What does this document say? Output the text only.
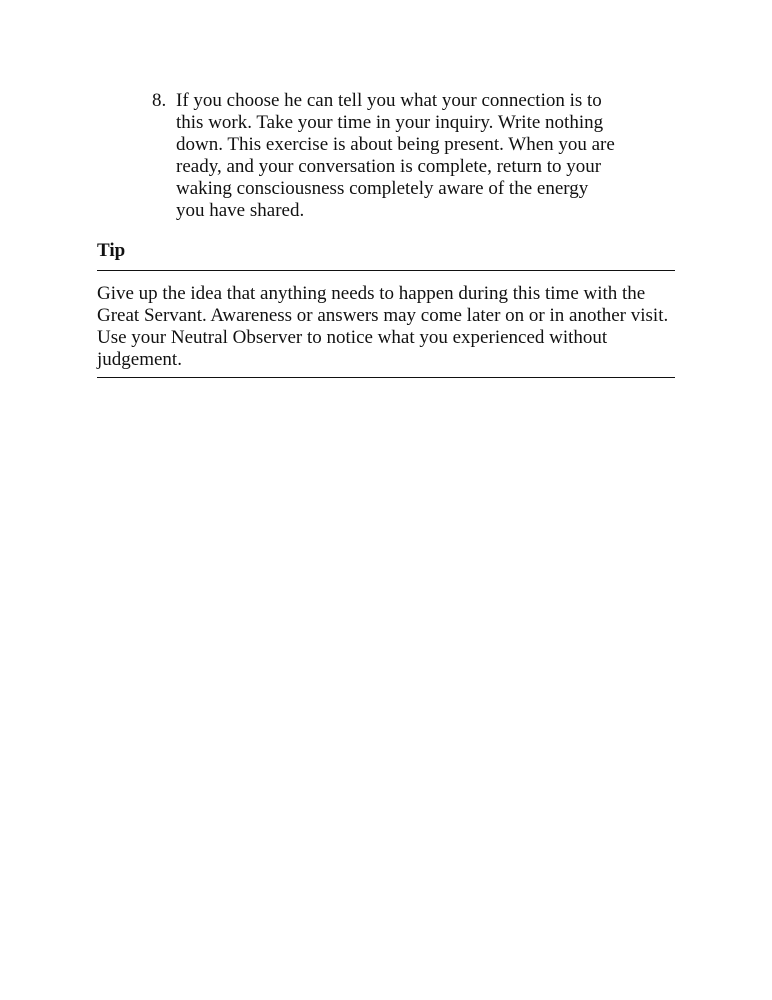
8. If you choose he can tell you what your connection is to
this work. Take your time in your inquiry. Write nothing
down. This exercise is about being present. When you are
ready, and your conversation is complete, return to your
waking consciousness completely aware of the energy
you have shared.
Tip
Give up the idea that anything needs to happen during this time with the
Great Servant. Awareness or answers may come later on or in another visit.
Use your Neutral Observer to notice what you experienced without
judgement.
